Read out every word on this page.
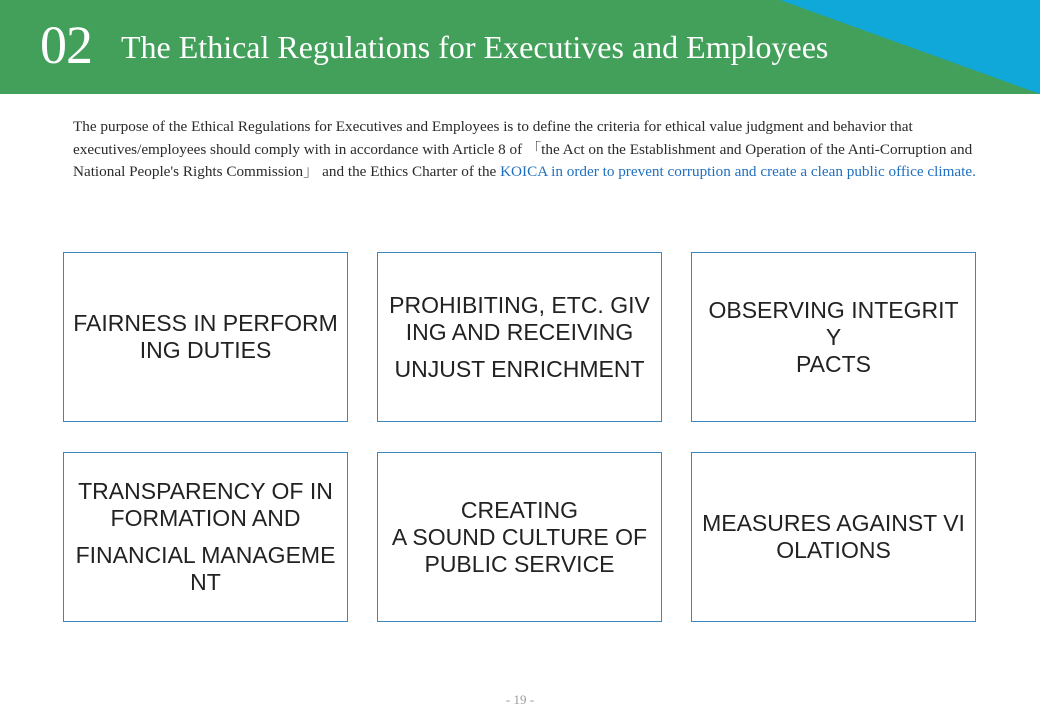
02 The Ethical Regulations for Executives and Employees

The purpose of the Ethical Regulations for Executives and Employees is to define the criteria for ethical value judgment and behavior that executives/employees should comply with in accordance with Article 8 of 「the Act on the Establishment and Operation of the Anti-Corruption and National People's Rights Commission」 and the Ethics Charter of the KOICA in order to prevent corruption and create a clean public office climate.

FAIRNESS IN PERFORMING DUTIES
PROHIBITING, ETC. GIVING AND RECEIVING
UNJUST ENRICHMENT
OBSERVING INTEGRITY
PACTS
TRANSPARENCY OF INFORMATION AND
FINANCIAL MANAGEMENT
CREATING
A SOUND CULTURE OF PUBLIC SERVICE
MEASURES AGAINST VIOLATIONS
- 19 -
